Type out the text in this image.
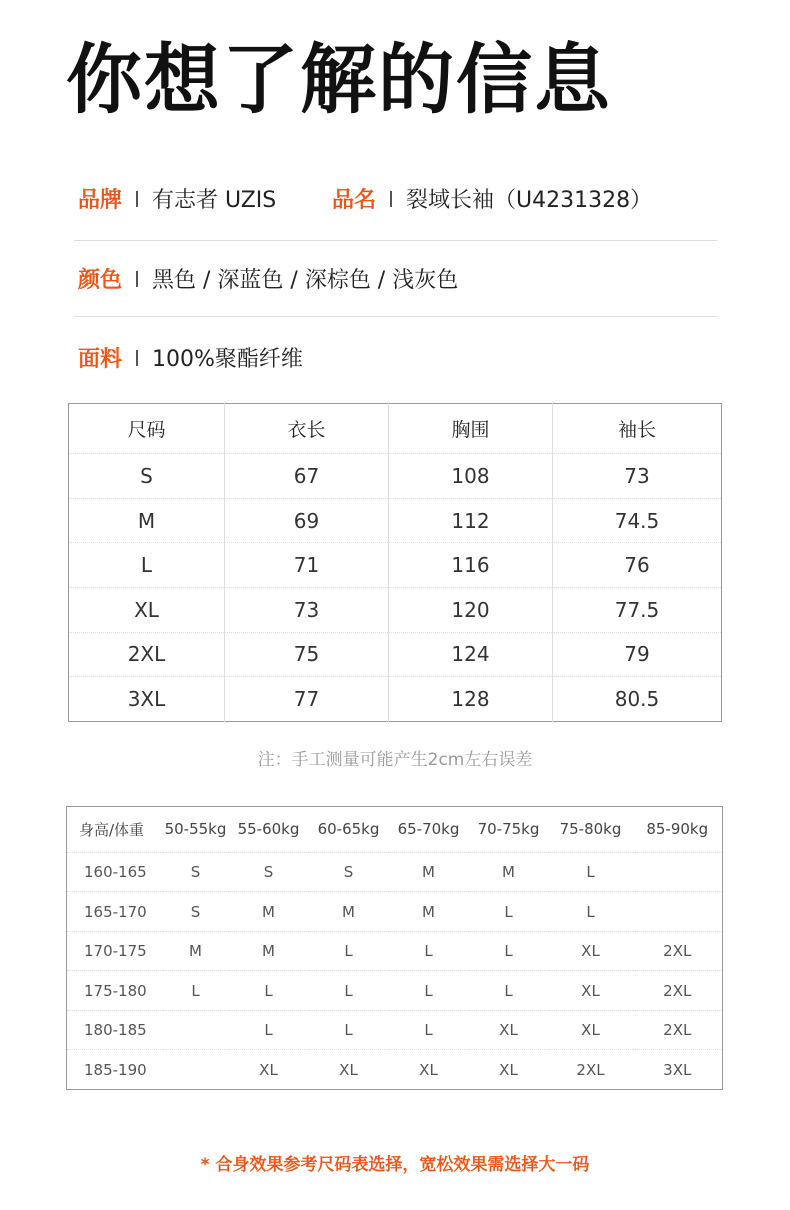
你想了解的信息
品牌 有志者 UZIS	品名 裂域长袖（U4231328）
颜色 黑色 / 深蓝色 / 深棕色 / 浅灰色
面料 100%聚酯纤维
尺码	衣长	胸围	袖长
S	67	108	73
M	69	112	74.5
L	71	116	76
XL	73	120	77.5
2XL	75	124	79
3XL	77	128	80.5
注：手工测量可能产生2cm左右误差
身高/体重	50-55kg	55-60kg	60-65kg	65-70kg	70-75kg	75-80kg	85-90kg
160-165	S	S	S	M	M	L	
165-170	S	M	M	M	L	L	
170-175	M	M	L	L	L	XL	2XL
175-180	L	L	L	L	L	XL	2XL
180-185		L	L	L	XL	XL	2XL
185-190		XL	XL	XL	XL	2XL	3XL
* 合身效果参考尺码表选择，宽松效果需选择大一码
